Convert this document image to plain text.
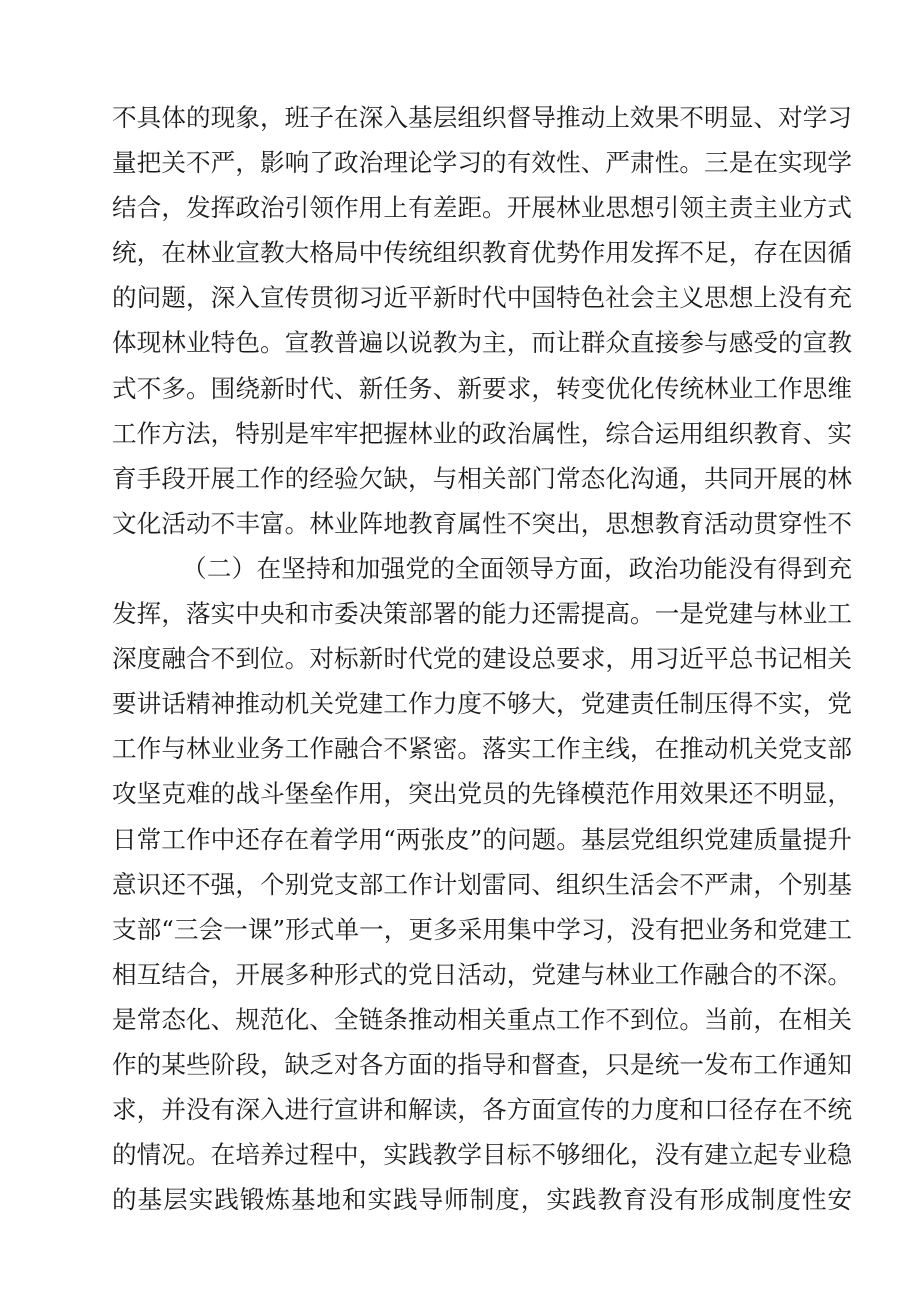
不具体的现象，班子在深入基层组织督导推动上效果不明显、对学习
量把关不严，影响了政治理论学习的有效性、严肃性。三是在实现学
结合，发挥政治引领作用上有差距。开展林业思想引领主责主业方式
统，在林业宣教大格局中传统组织教育优势作用发挥不足，存在因循
的问题，深入宣传贯彻习近平新时代中国特色社会主义思想上没有充
体现林业特色。宣教普遍以说教为主，而让群众直接参与感受的宣教
式不多。围绕新时代、新任务、新要求，转变优化传统林业工作思维
工作方法，特别是牢牢把握林业的政治属性，综合运用组织教育、实
育手段开展工作的经验欠缺，与相关部门常态化沟通，共同开展的林
文化活动不丰富。林业阵地教育属性不突出，思想教育活动贯穿性不
（二）在坚持和加强党的全面领导方面，政治功能没有得到充
发挥，落实中央和市委决策部署的能力还需提高。一是党建与林业工
深度融合不到位。对标新时代党的建设总要求，用习近平总书记相关
要讲话精神推动机关党建工作力度不够大，党建责任制压得不实，党
工作与林业业务工作融合不紧密。落实工作主线，在推动机关党支部
攻坚克难的战斗堡垒作用，突出党员的先锋模范作用效果还不明显，
日常工作中还存在着学用“两张皮”的问题。基层党组织党建质量提升
意识还不强，个别党支部工作计划雷同、组织生活会不严肃，个别基
支部“三会一课”形式单一，更多采用集中学习，没有把业务和党建工
相互结合，开展多种形式的党日活动，党建与林业工作融合的不深。
是常态化、规范化、全链条推动相关重点工作不到位。当前，在相关
作的某些阶段，缺乏对各方面的指导和督查，只是统一发布工作通知
求，并没有深入进行宣讲和解读，各方面宣传的力度和口径存在不统
的情况。在培养过程中，实践教学目标不够细化，没有建立起专业稳
的基层实践锻炼基地和实践导师制度，实践教育没有形成制度性安
